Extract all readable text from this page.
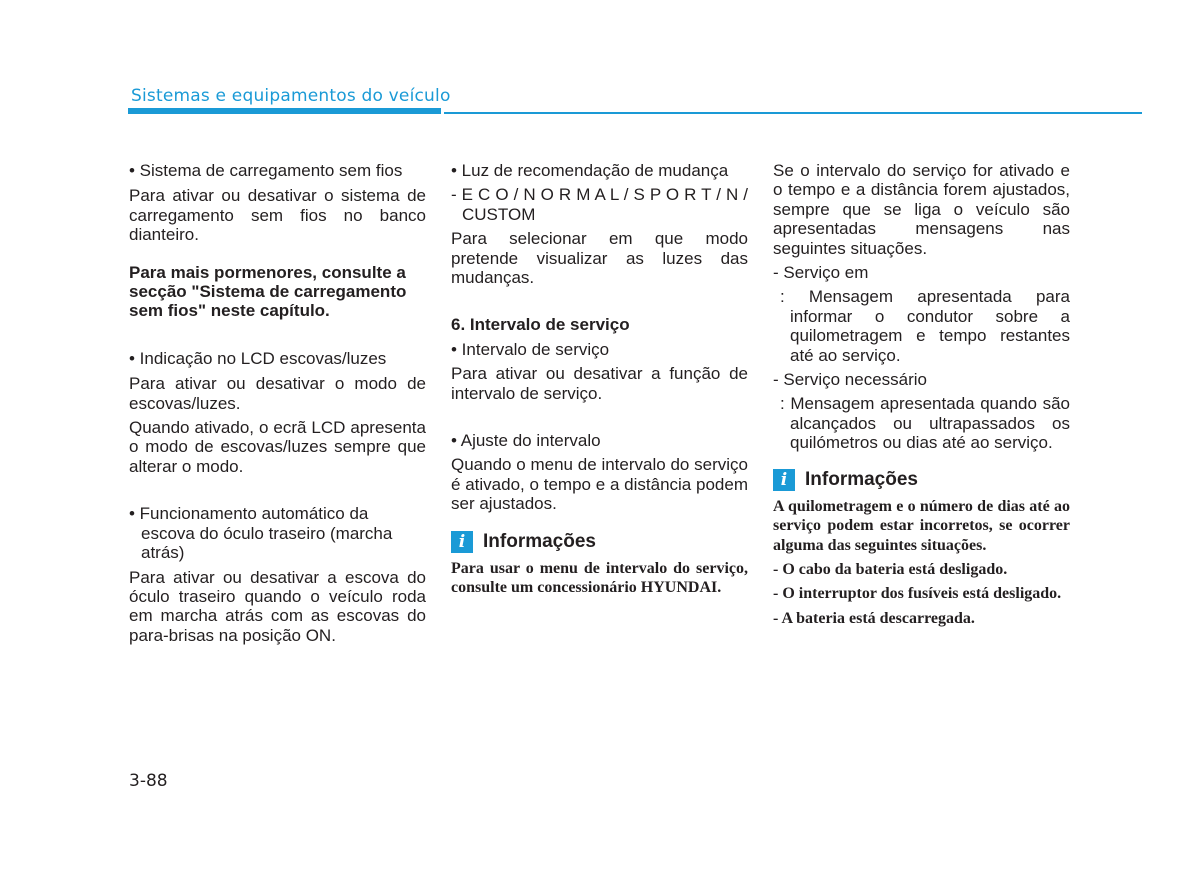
Sistemas e equipamentos do veículo

• Sistema de carregamento sem fios

Para ativar ou desativar o sistema de carregamento sem fios no banco dianteiro.

Para mais pormenores, consulte a secção "Sistema de carregamento sem fios" neste capítulo.

• Indicação no LCD escovas/luzes

Para ativar ou desativar o modo de escovas/luzes.

Quando ativado, o ecrã LCD apresenta o modo de escovas/luzes sempre que alterar o modo.

• Funcionamento automático da escova do óculo traseiro (marcha atrás)

Para ativar ou desativar a escova do óculo traseiro quando o veículo roda em marcha atrás com as escovas do para-brisas na posição ON.

• Luz de recomendação de mudança

- E C O / N O R M A L / S P O R T / N / CUSTOM

Para selecionar em que modo pretende visualizar as luzes das mudanças.

6. Intervalo de serviço

• Intervalo de serviço

Para ativar ou desativar a função de intervalo de serviço.

• Ajuste do intervalo

Quando o menu de intervalo do serviço é ativado, o tempo e a distância podem ser ajustados.

i Informações

Para usar o menu de intervalo do serviço, consulte um concessionário HYUNDAI.

Se o intervalo do serviço for ativado e o tempo e a distância forem ajustados, sempre que se liga o veículo são apresentadas mensagens nas seguintes situações.

- Serviço em

: Mensagem apresentada para informar o condutor sobre a quilometragem e tempo restantes até ao serviço.

- Serviço necessário

: Mensagem apresentada quando são alcançados ou ultrapassados os quilómetros ou dias até ao serviço.

i Informações

A quilometragem e o número de dias até ao serviço podem estar incorretos, se ocorrer alguma das seguintes situações.

- O cabo da bateria está desligado.

- O interruptor dos fusíveis está desligado.

- A bateria está descarregada.

3-88
